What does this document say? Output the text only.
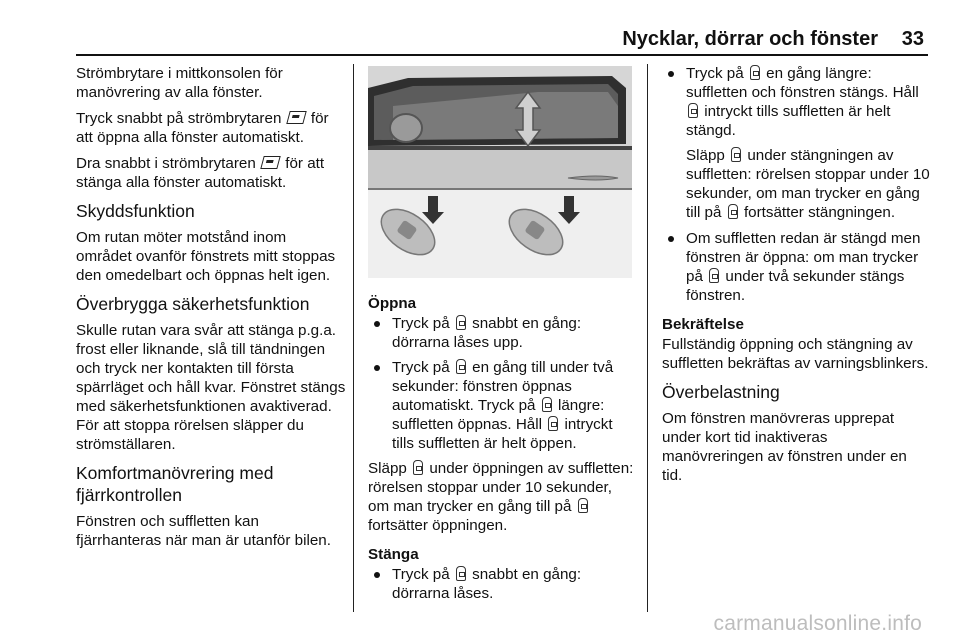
Nycklar, dörrar och fönster 33

Strömbrytare i mittkonsolen för manövrering av alla fönster.

Tryck snabbt på strömbrytaren för att öppna alla fönster automatiskt.

Dra snabbt i strömbrytaren för att stänga alla fönster automatiskt.

Skyddsfunktion

Om rutan möter motstånd inom området ovanför fönstrets mitt stoppas den omedelbart och öppnas helt igen.

Överbrygga säkerhetsfunktion

Skulle rutan vara svår att stänga p.g.a. frost eller liknande, slå till tändningen och tryck ner kontakten till första spärrläget och håll kvar. Fönstret stängs med säkerhetsfunktionen avaktiverad. För att stoppa rörelsen släpper du strömställaren.

Komfortmanövrering med fjärrkontrollen

Fönstren och suffletten kan fjärrhanteras när man är utanför bilen.

Öppna
Tryck på snabbt en gång: dörrarna låses upp.
Tryck på en gång till under två sekunder: fönstren öppnas automatiskt. Tryck på längre: suffletten öppnas. Håll intryckt tills suffletten är helt öppen.

Släpp under öppningen av suffletten: rörelsen stoppar under 10 sekunder, om man trycker en gång till på  fortsätter öppningen.

Stänga
Tryck på snabbt en gång: dörrarna låses.
Tryck på en gång längre: suffletten och fönstren stängs. Håll  intryckt tills suffletten är helt stängd.

Släpp under stängningen av suffletten: rörelsen stoppar under 10 sekunder, om man trycker en gång till på fortsätter stängningen.

Om suffletten redan är stängd men fönstren är öppna: om man trycker på under två sekunder stängs fönstren.
Bekräftelse

Fullständig öppning och stängning av suffletten bekräftas av varningsblinkers.

Överbelastning

Om fönstren manövreras upprepat under kort tid inaktiveras manövreringen av fönstren under en tid.

carmanualsonline.info
